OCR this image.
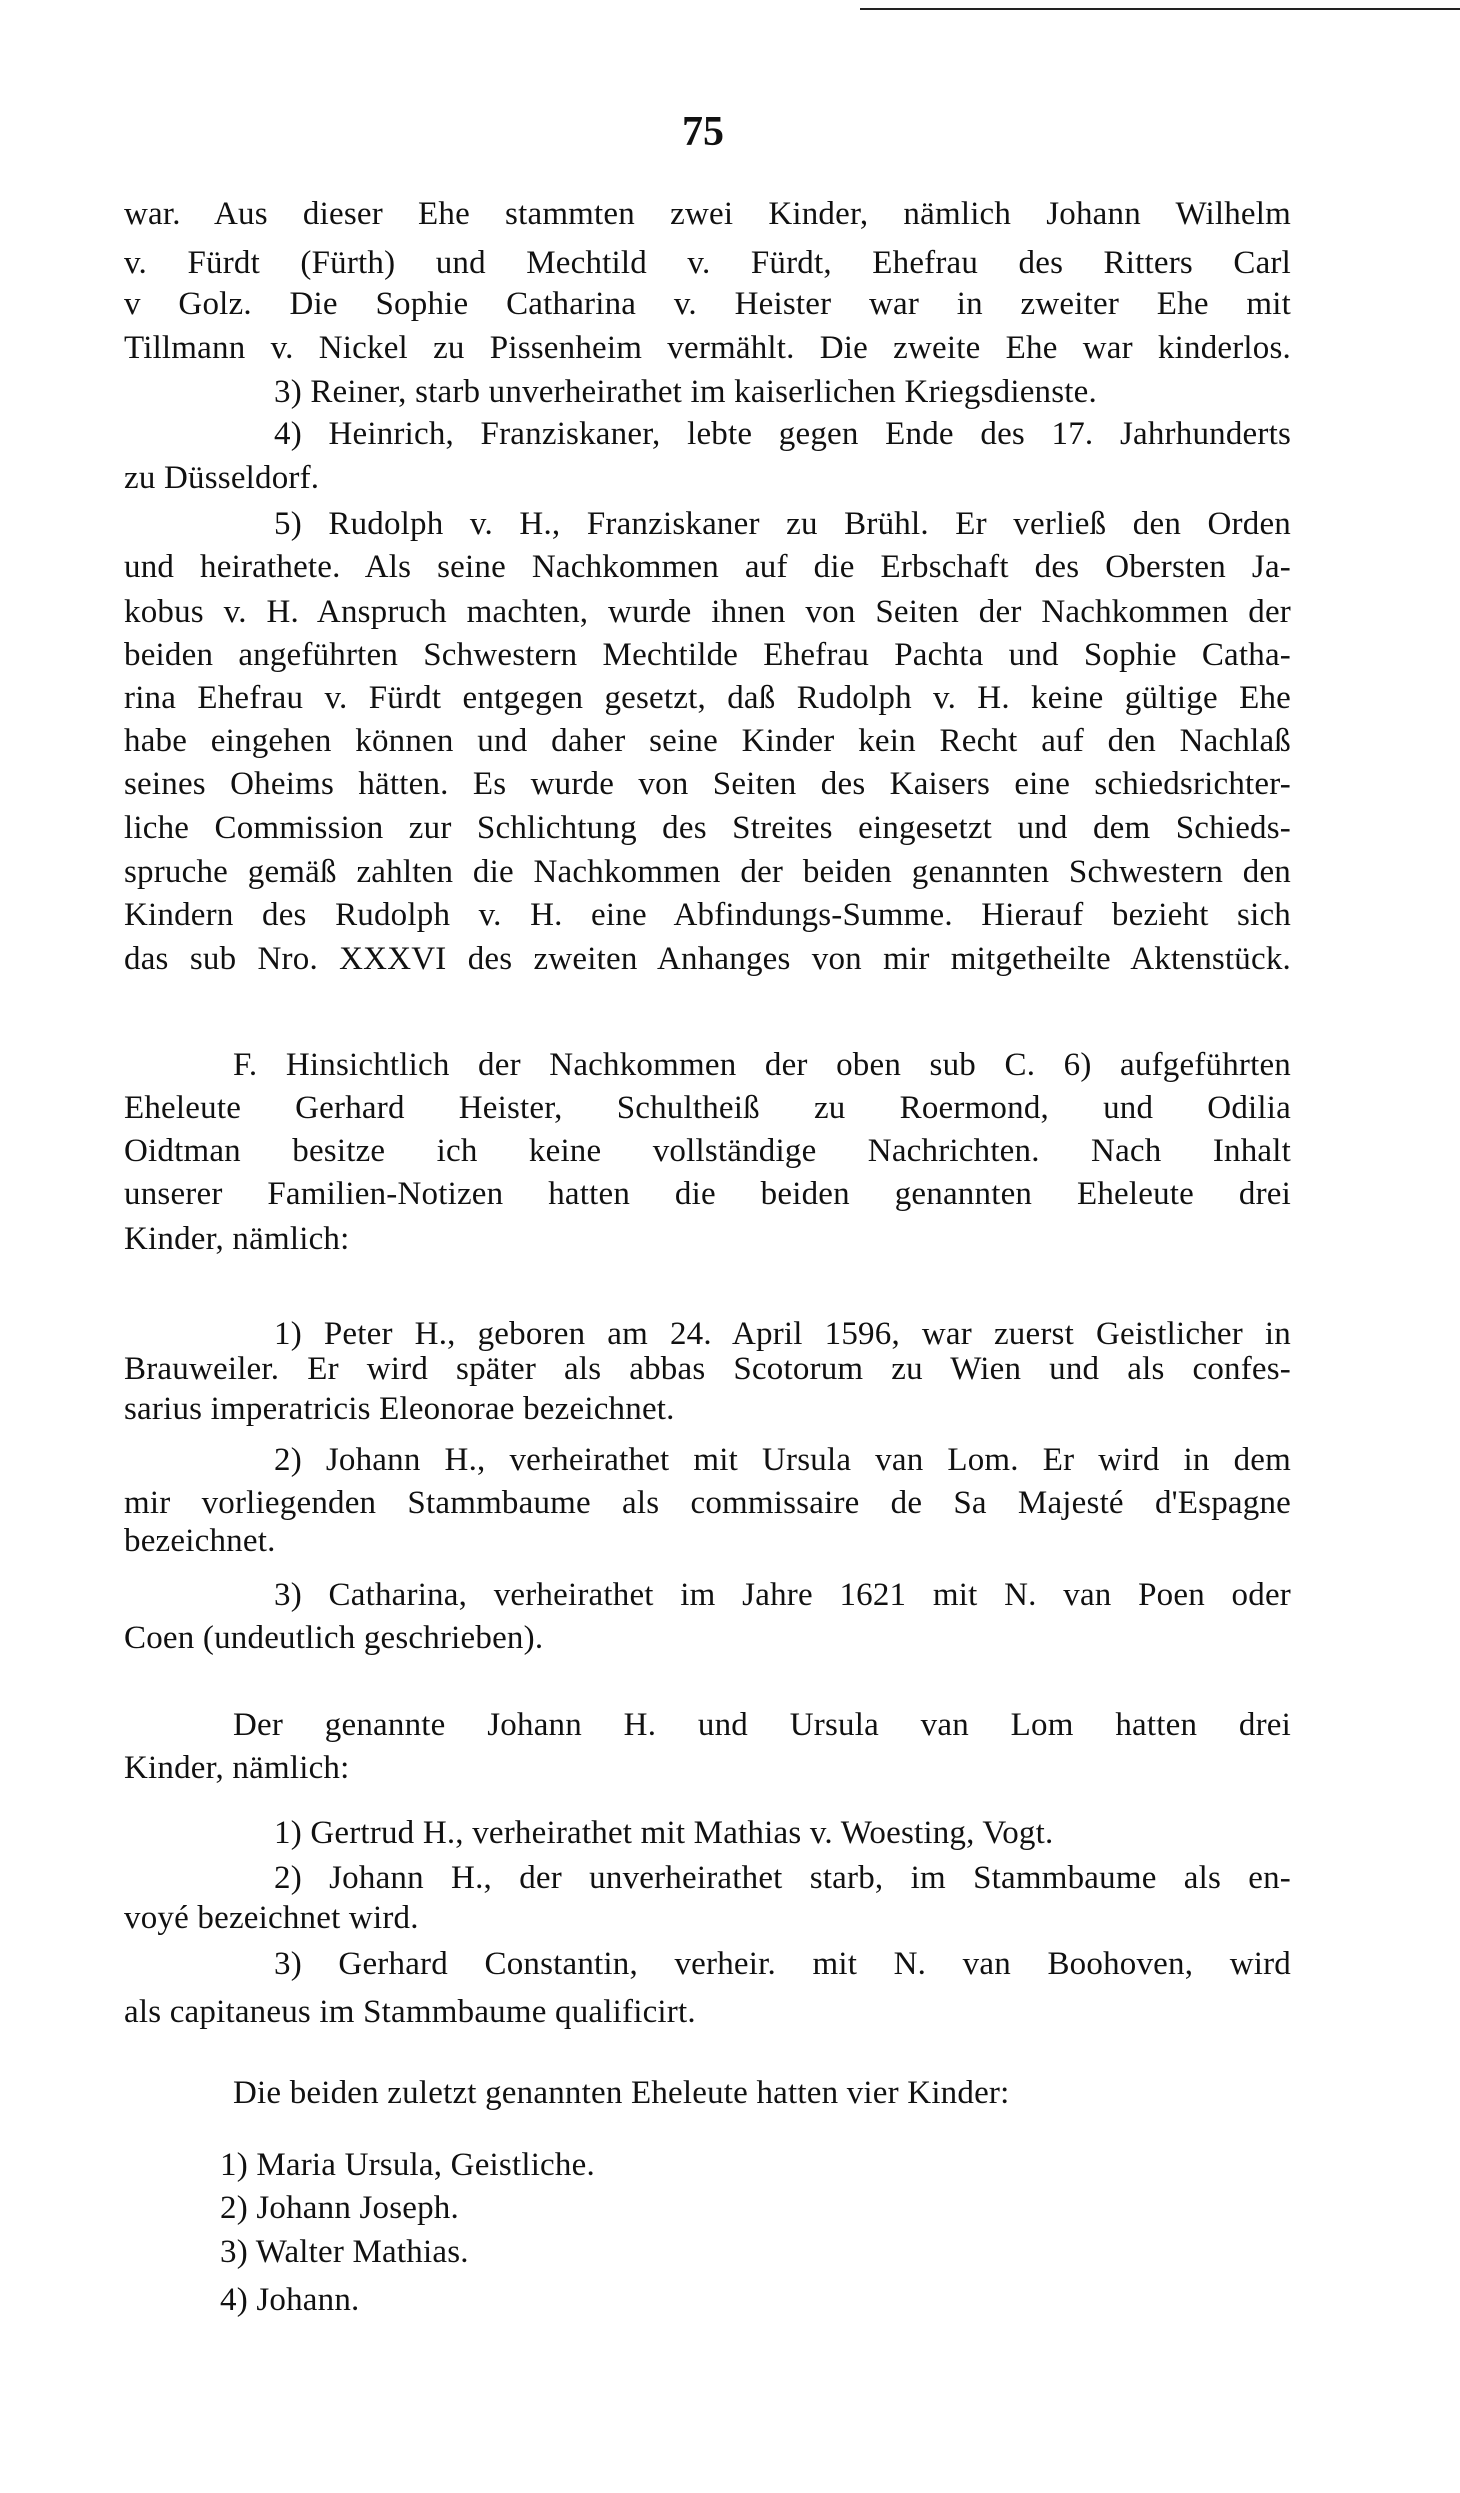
75
war. Aus dieser Ehe stammten zwei Kinder, nämlich Johann Wilhelm
v. Fürdt (Fürth) und Mechtild v. Fürdt, Ehefrau des Ritters Carl
v Golz. Die Sophie Catharina v. Heister war in zweiter Ehe mit
Tillmann v. Nickel zu Pissenheim vermählt. Die zweite Ehe war kinderlos.
3) Reiner, starb unverheirathet im kaiserlichen Kriegsdienste.
4) Heinrich, Franziskaner, lebte gegen Ende des 17. Jahrhunderts
zu Düsseldorf.
5) Rudolph v. H., Franziskaner zu Brühl. Er verließ den Orden
und heirathete. Als seine Nachkommen auf die Erbschaft des Obersten Ja-
kobus v. H. Anspruch machten, wurde ihnen von Seiten der Nachkommen der
beiden angeführten Schwestern Mechtilde Ehefrau Pachta und Sophie Catha-
rina Ehefrau v. Fürdt entgegen gesetzt, daß Rudolph v. H. keine gültige Ehe
habe eingehen können und daher seine Kinder kein Recht auf den Nachlaß
seines Oheims hätten. Es wurde von Seiten des Kaisers eine schiedsrichter-
liche Commission zur Schlichtung des Streites eingesetzt und dem Schieds-
spruche gemäß zahlten die Nachkommen der beiden genannten Schwestern den
Kindern des Rudolph v. H. eine Abfindungs-Summe. Hierauf bezieht sich
das sub Nro. XXXVI des zweiten Anhanges von mir mitgetheilte Aktenstück.
F. Hinsichtlich der Nachkommen der oben sub C. 6) aufgeführten
Eheleute Gerhard Heister, Schultheiß zu Roermond, und Odilia
Oidtman besitze ich keine vollständige Nachrichten. Nach Inhalt
unserer Familien-Notizen hatten die beiden genannten Eheleute drei
Kinder, nämlich:
1) Peter H., geboren am 24. April 1596, war zuerst Geistlicher in
Brauweiler. Er wird später als abbas Scotorum zu Wien und als confes-
sarius imperatricis Eleonorae bezeichnet.
2) Johann H., verheirathet mit Ursula van Lom. Er wird in dem
mir vorliegenden Stammbaume als commissaire de Sa Majesté d'Espagne
bezeichnet.
3) Catharina, verheirathet im Jahre 1621 mit N. van Poen oder
Coen (undeutlich geschrieben).
Der genannte Johann H. und Ursula van Lom hatten drei
Kinder, nämlich:
1) Gertrud H., verheirathet mit Mathias v. Woesting, Vogt.
2) Johann H., der unverheirathet starb, im Stammbaume als en-
voyé bezeichnet wird.
3) Gerhard Constantin, verheir. mit N. van Boohoven, wird
als capitaneus im Stammbaume qualificirt.
Die beiden zuletzt genannten Eheleute hatten vier Kinder:
1) Maria Ursula, Geistliche.
2) Johann Joseph.
3) Walter Mathias.
4) Johann.
